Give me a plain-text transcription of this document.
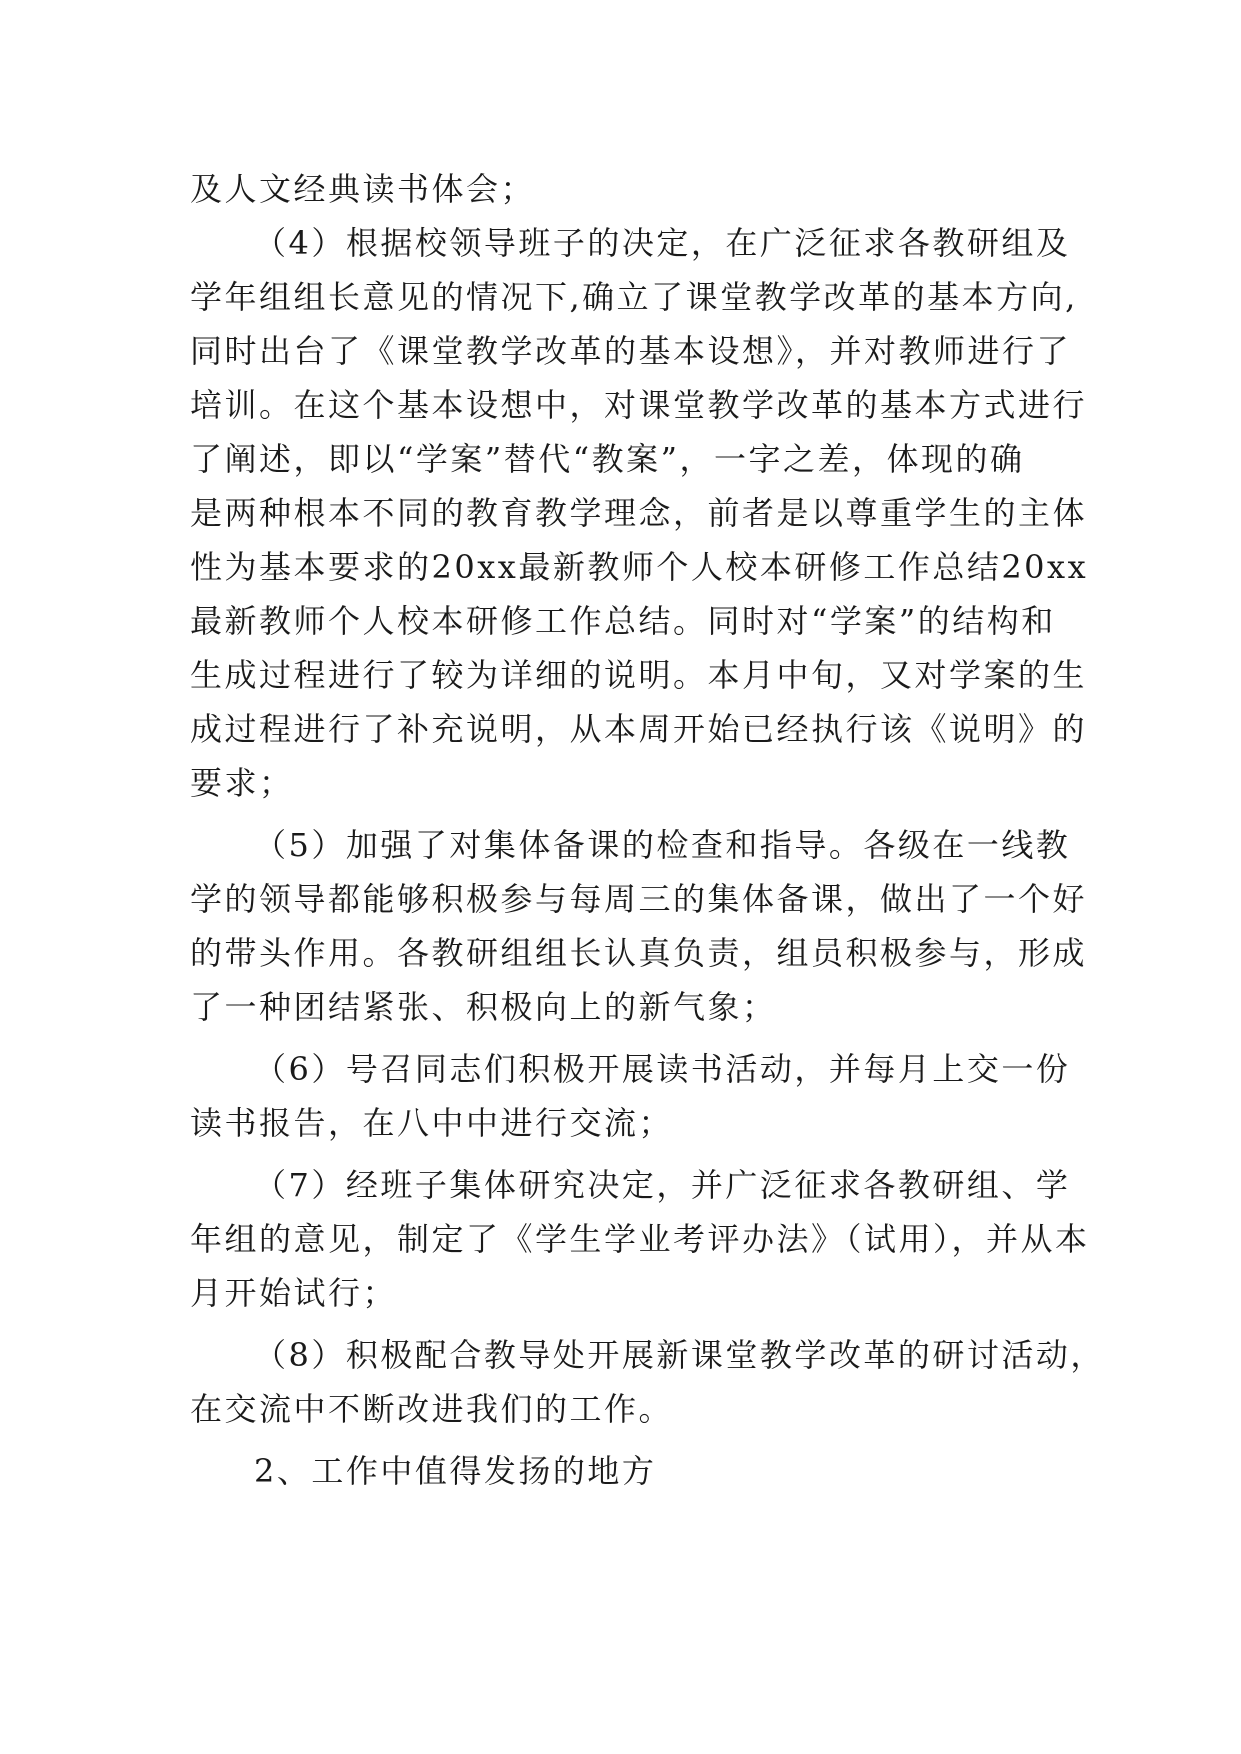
及人文经典读书体会；
（4）根据校领导班子的决定，在广泛征求各教研组及
学年组组长意见的情况下,确立了课堂教学改革的基本方向,
同时出台了《课堂教学改革的基本设想》，并对教师进行了
培训。在这个基本设想中，对课堂教学改革的基本方式进行
了阐述，即以“学案”替代“教案”，一字之差，体现的确
是两种根本不同的教育教学理念，前者是以尊重学生的主体
性为基本要求的20xx最新教师个人校本研修工作总结20xx
最新教师个人校本研修工作总结。同时对“学案”的结构和
生成过程进行了较为详细的说明。本月中旬，又对学案的生
成过程进行了补充说明，从本周开始已经执行该《说明》的
要求；
（5）加强了对集体备课的检查和指导。各级在一线教
学的领导都能够积极参与每周三的集体备课，做出了一个好
的带头作用。各教研组组长认真负责，组员积极参与，形成
了一种团结紧张、积极向上的新气象；
（6）号召同志们积极开展读书活动，并每月上交一份
读书报告，在八中中进行交流；
（7）经班子集体研究决定，并广泛征求各教研组、学
年组的意见，制定了《学生学业考评办法》（试用），并从本
月开始试行；
（8）积极配合教导处开展新课堂教学改革的研讨活动，
在交流中不断改进我们的工作。
2、工作中值得发扬的地方
